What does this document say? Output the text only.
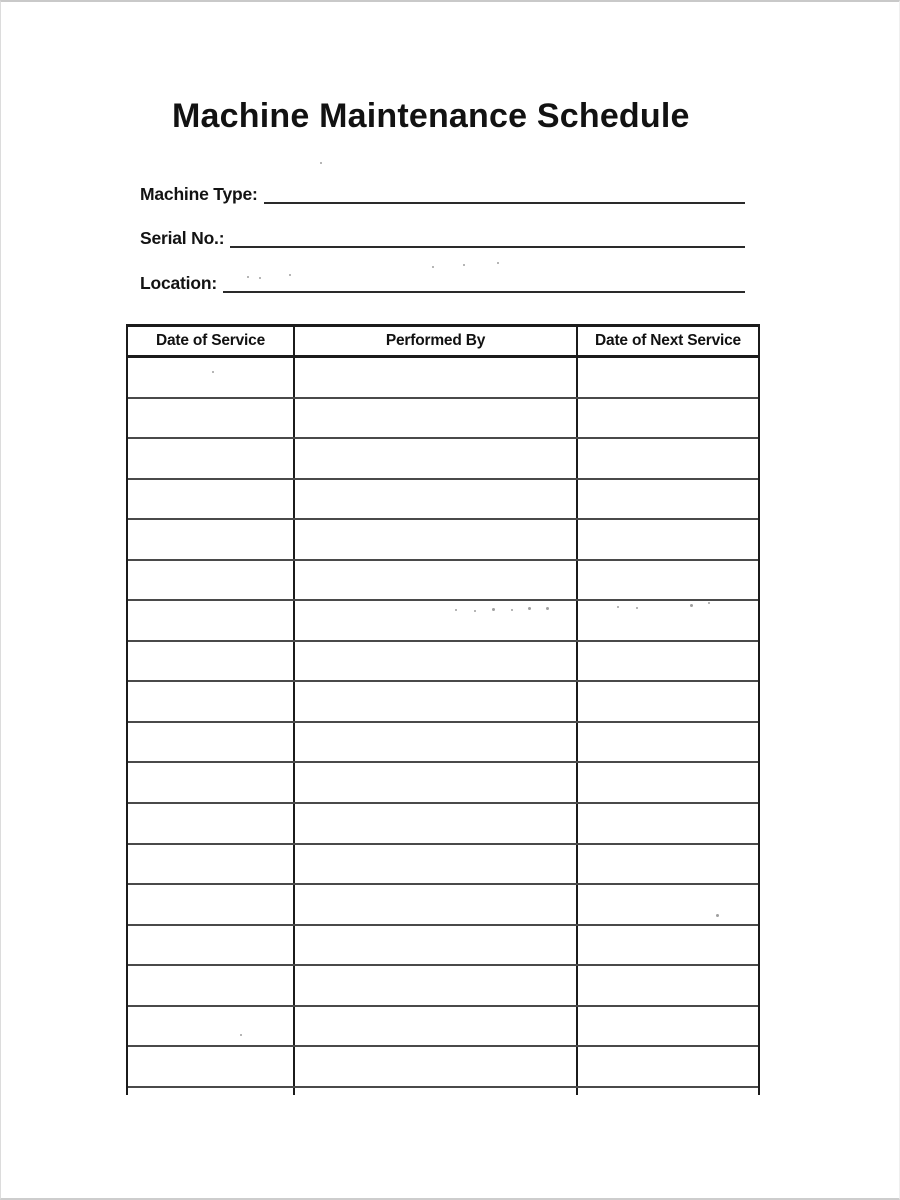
Machine Maintenance Schedule
Machine Type:
Serial No.:
Location:
Date of Service	Performed By	Date of Next Service
